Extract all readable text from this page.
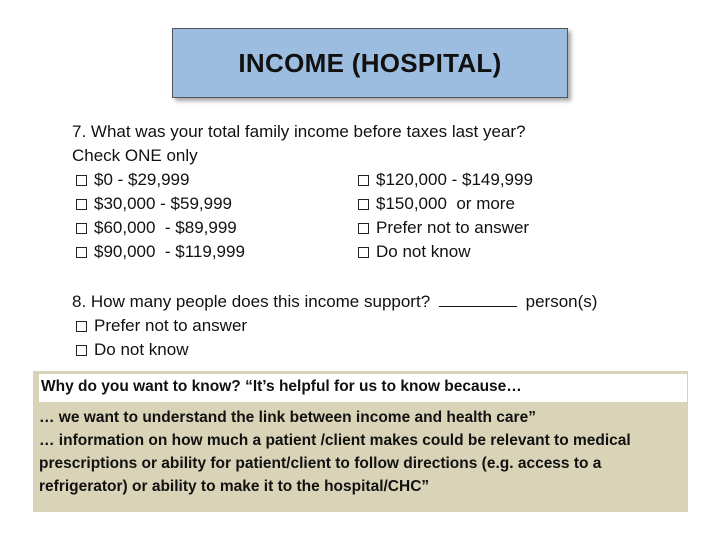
INCOME (HOSPITAL)
7. What was your total family income before taxes last year?
Check ONE only
$0 - $29,999
$30,000 - $59,999
$60,000  - $89,999
$90,000  - $119,999
$120,000 - $149,999
$150,000  or more
Prefer not to answer
Do not know
8. How many people does this income support?	person(s)
Prefer not to answer
Do not know
Why do you want to know? “It’s helpful for us to know because…

… we want to understand the link between income and health care”

… information on how much a patient /client makes could be relevant to medical prescriptions or ability for patient/client to follow directions (e.g. access to a refrigerator) or ability to make it to the hospital/CHC”
